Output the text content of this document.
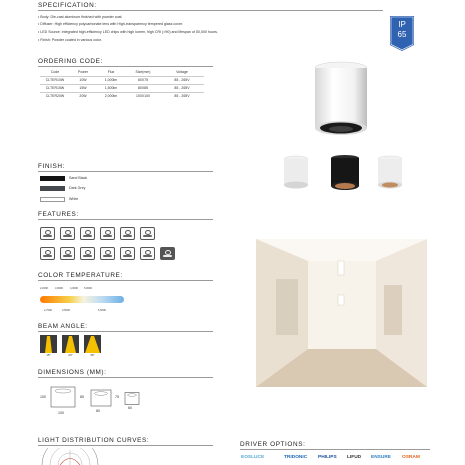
SPECIFICATION:
• Body: Die-cast aluminum finished with powder coat.
• Diffuser: High efficiency polycarbonate lens with High-transparency tempered glass cover.
• LED Source: Integrated high-efficiency LED chips with high lumen, high CRI (>90) and lifespan of 50,000 hours.
• Finish: Powder coated in various color.
IP
65
ORDERING CODE:
Code	Power	Flux	Size(mm)	Voltage
CLTER10W	10W	1,000lm	60X75	85 - 265V
CLTER15W	15W	1,500lm	80X85	85 - 265V
CLTER20W	20W	2,000lm	100X100	85 - 265V
FINISH:
Sand Black
Dark Grey
White
FEATURES:
COLOR TEMPERATURE:
2,200K	3,000K	4,000K 5,000K
2,700K	3,500K	6,500K
BEAM ANGLE:
15°	24°	36°
DIMENSIONS (MM):
100
100
85
80
75
60
LIGHT DISTRIBUTION CURVES:
DRIVER OPTIONS:
EOSLUCE	TRIDONIC PHILIPS LIFUD ENSURE OSRAM
